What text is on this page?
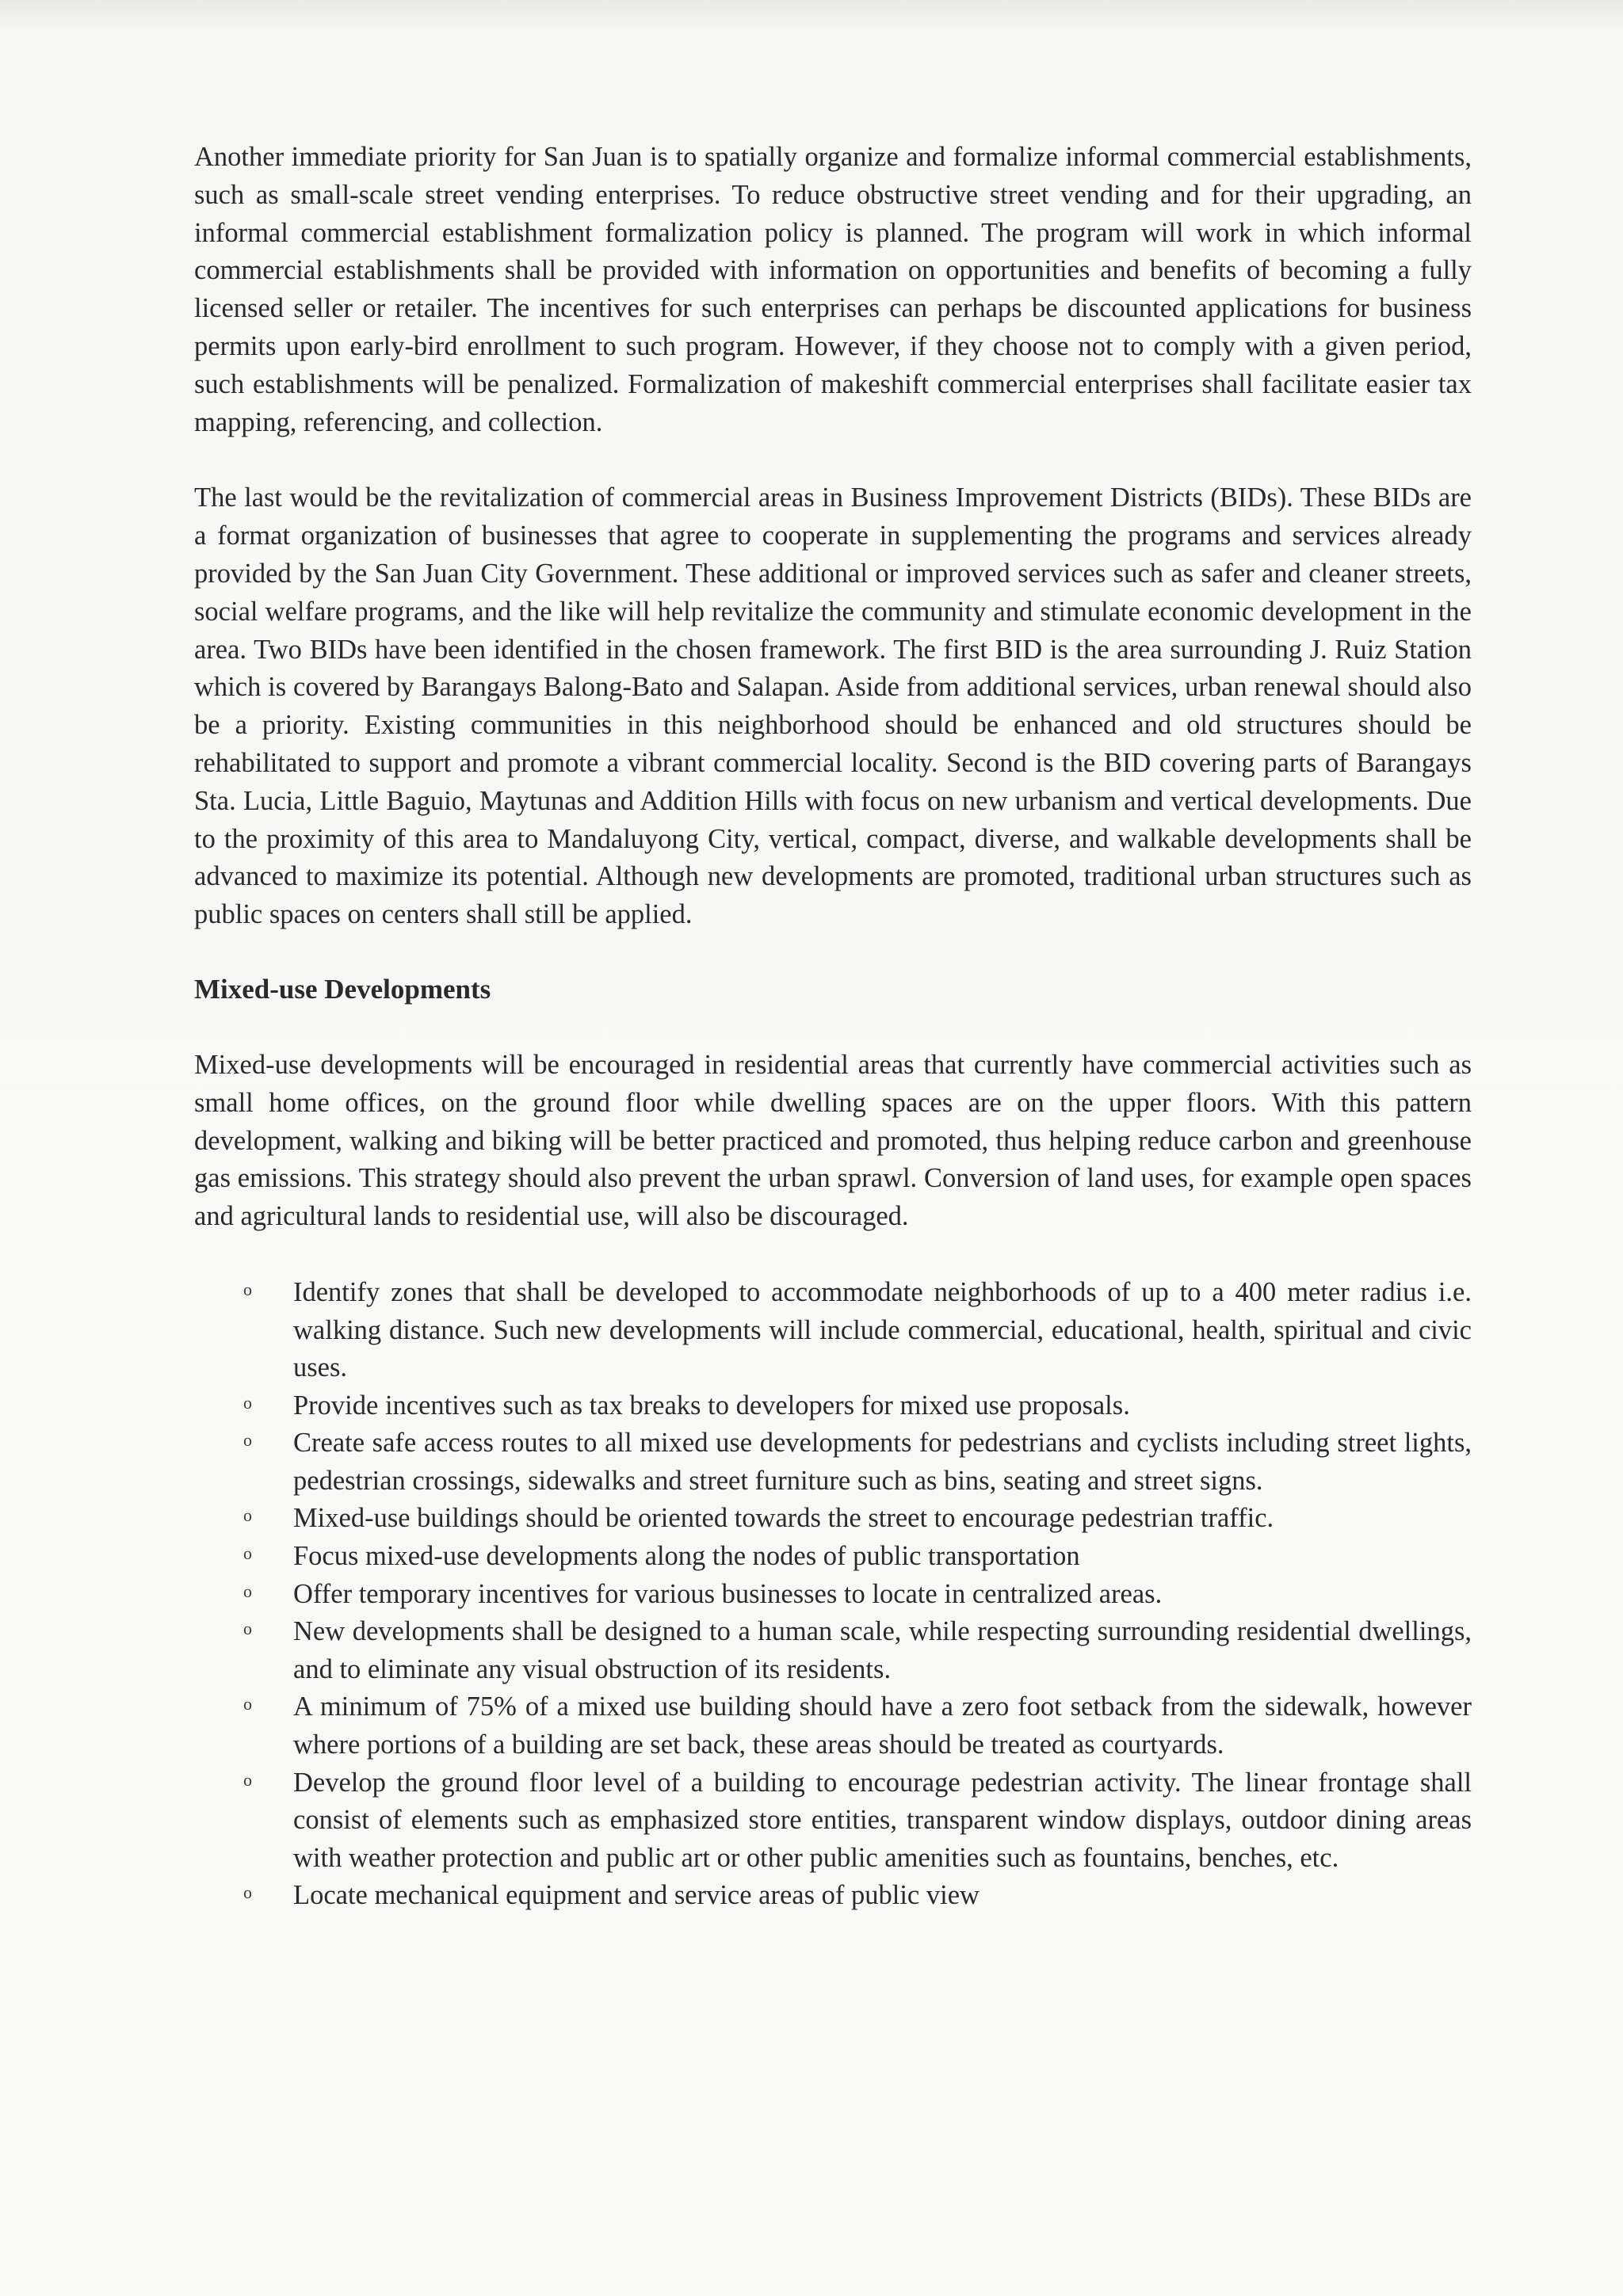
Another immediate priority for San Juan is to spatially organize and formalize informal commercial establishments, such as small-scale street vending enterprises. To reduce obstructive street vending and for their upgrading, an informal commercial establishment formalization policy is planned. The program will work in which informal commercial establishments shall be provided with information on opportunities and benefits of becoming a fully licensed seller or retailer. The incentives for such enterprises can perhaps be discounted applications for business permits upon early-bird enrollment to such program. However, if they choose not to comply with a given period, such establishments will be penalized. Formalization of makeshift commercial enterprises shall facilitate easier tax mapping, referencing, and collection.

The last would be the revitalization of commercial areas in Business Improvement Districts (BIDs). These BIDs are a format organization of businesses that agree to cooperate in supplementing the programs and services already provided by the San Juan City Government. These additional or improved services such as safer and cleaner streets, social welfare programs, and the like will help revitalize the community and stimulate economic development in the area. Two BIDs have been identified in the chosen framework. The first BID is the area surrounding J. Ruiz Station which is covered by Barangays Balong-Bato and Salapan. Aside from additional services, urban renewal should also be a priority. Existing communities in this neighborhood should be enhanced and old structures should be rehabilitated to support and promote a vibrant commercial locality. Second is the BID covering parts of Barangays Sta. Lucia, Little Baguio, Maytunas and Addition Hills with focus on new urbanism and vertical developments. Due to the proximity of this area to Mandaluyong City, vertical, compact, diverse, and walkable developments shall be advanced to maximize its potential. Although new developments are promoted, traditional urban structures such as public spaces on centers shall still be applied.

Mixed-use Developments

Mixed-use developments will be encouraged in residential areas that currently have commercial activities such as small home offices, on the ground floor while dwelling spaces are on the upper floors. With this pattern development, walking and biking will be better practiced and promoted, thus helping reduce carbon and greenhouse gas emissions. This strategy should also prevent the urban sprawl. Conversion of land uses, for example open spaces and agricultural lands to residential use, will also be discouraged.

o Identify zones that shall be developed to accommodate neighborhoods of up to a 400 meter radius i.e. walking distance. Such new developments will include commercial, educational, health, spiritual and civic uses.
o Provide incentives such as tax breaks to developers for mixed use proposals.
o Create safe access routes to all mixed use developments for pedestrians and cyclists including street lights, pedestrian crossings, sidewalks and street furniture such as bins, seating and street signs.
o Mixed-use buildings should be oriented towards the street to encourage pedestrian traffic.
o Focus mixed-use developments along the nodes of public transportation
o Offer temporary incentives for various businesses to locate in centralized areas.
o New developments shall be designed to a human scale, while respecting surrounding residential dwellings, and to eliminate any visual obstruction of its residents.
o A minimum of 75% of a mixed use building should have a zero foot setback from the sidewalk, however where portions of a building are set back, these areas should be treated as courtyards.
o Develop the ground floor level of a building to encourage pedestrian activity. The linear frontage shall consist of elements such as emphasized store entities, transparent window displays, outdoor dining areas with weather protection and public art or other public amenities such as fountains, benches, etc.
o Locate mechanical equipment and service areas of public view
